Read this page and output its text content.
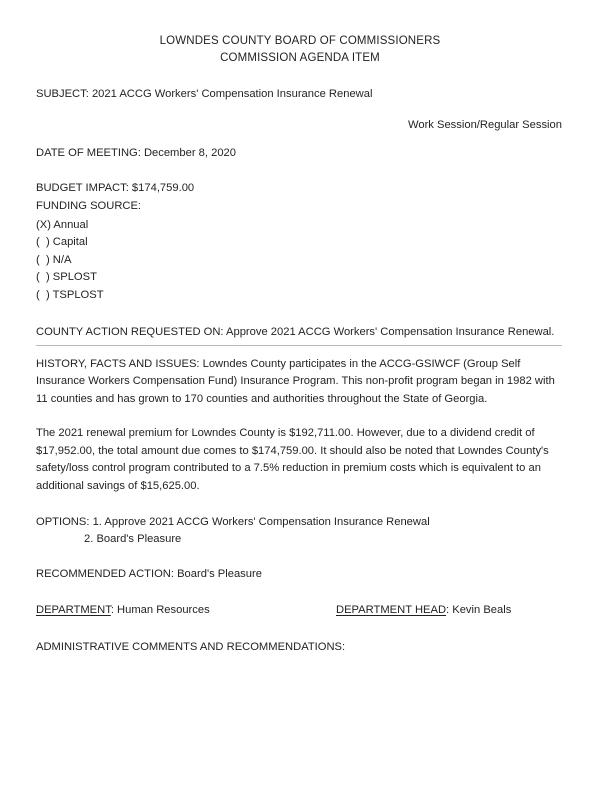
LOWNDES COUNTY BOARD OF COMMISSIONERS
COMMISSION AGENDA ITEM
SUBJECT: 2021 ACCG Workers' Compensation Insurance Renewal
Work Session/Regular Session
DATE OF MEETING: December 8, 2020
BUDGET IMPACT: $174,759.00
FUNDING SOURCE:
(X) Annual
(  ) Capital
(  ) N/A
(  ) SPLOST
(  ) TSPLOST
COUNTY ACTION REQUESTED ON: Approve 2021 ACCG Workers' Compensation Insurance Renewal.
HISTORY, FACTS AND ISSUES: Lowndes County participates in the ACCG-GSIWCF (Group Self Insurance Workers Compensation Fund) Insurance Program. This non-profit program began in 1982 with 11 counties and has grown to 170 counties and authorities throughout the State of Georgia.
The 2021 renewal premium for Lowndes County is $192,711.00. However, due to a dividend credit of $17,952.00, the total amount due comes to $174,759.00. It should also be noted that Lowndes County's safety/loss control program contributed to a 7.5% reduction in premium costs which is equivalent to an additional savings of $15,625.00.
OPTIONS: 1. Approve 2021 ACCG Workers' Compensation Insurance Renewal
2. Board's Pleasure
RECOMMENDED ACTION: Board's Pleasure
DEPARTMENT: Human Resources	DEPARTMENT HEAD: Kevin Beals
ADMINISTRATIVE COMMENTS AND RECOMMENDATIONS:
